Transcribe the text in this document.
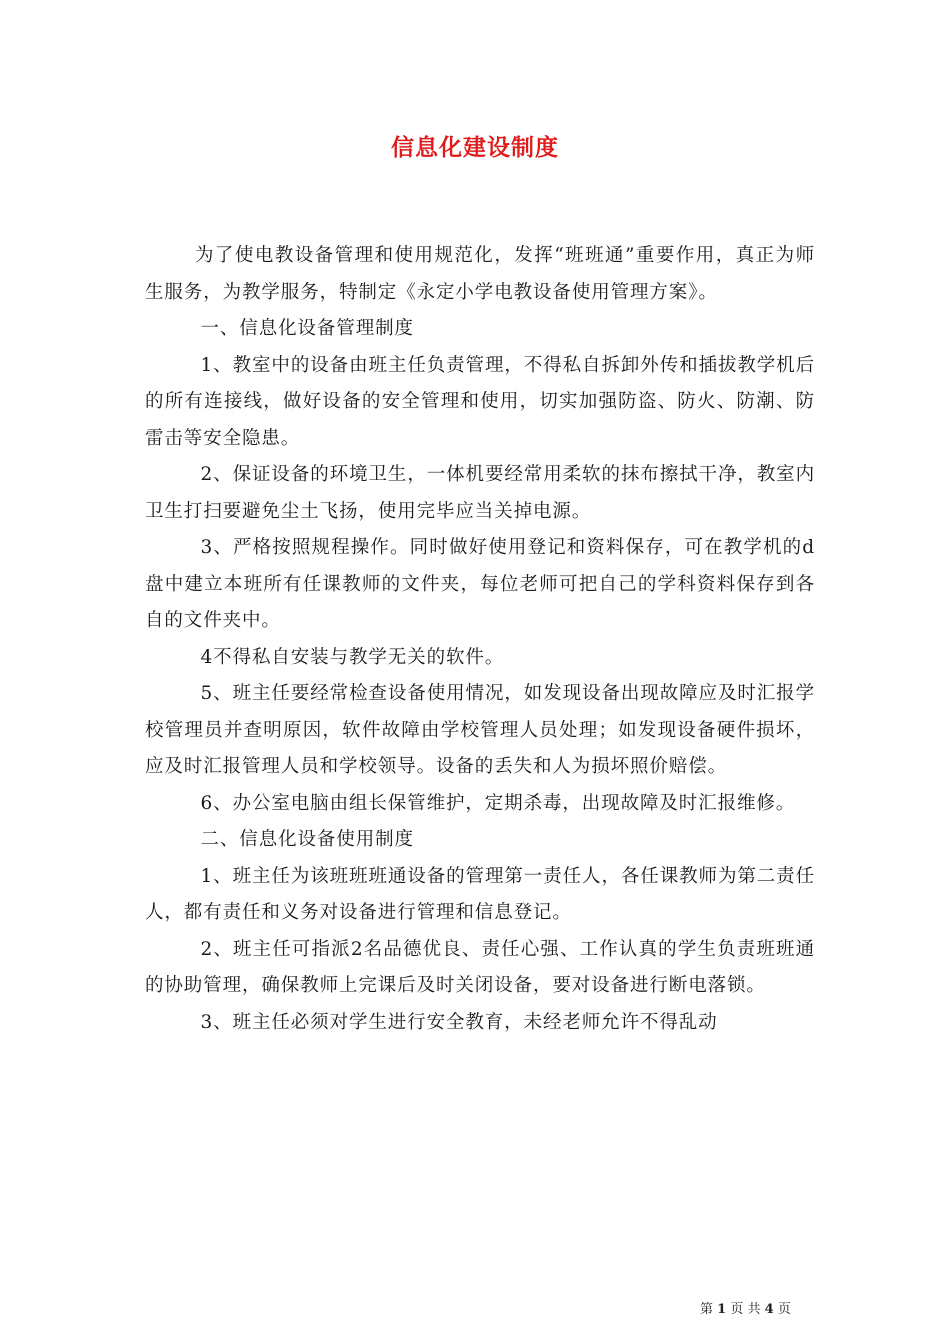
信息化建设制度

为了使电教设备管理和使用规范化，发挥“班班通”重要作用，真正为师生服务，为教学服务，特制定《永定小学电教设备使用管理方案》。

一、信息化设备管理制度

1、教室中的设备由班主任负责管理，不得私自拆卸外传和插拔教学机后的所有连接线，做好设备的安全管理和使用，切实加强防盗、防火、防潮、防雷击等安全隐患。

2、保证设备的环境卫生，一体机要经常用柔软的抹布擦拭干净，教室内卫生打扫要避免尘土飞扬，使用完毕应当关掉电源。

3、严格按照规程操作。同时做好使用登记和资料保存，可在教学机的d盘中建立本班所有任课教师的文件夹，每位老师可把自己的学科资料保存到各自的文件夹中。

4不得私自安装与教学无关的软件。

5、班主任要经常检查设备使用情况，如发现设备出现故障应及时汇报学校管理员并查明原因，软件故障由学校管理人员处理；如发现设备硬件损坏，应及时汇报管理人员和学校领导。设备的丢失和人为损坏照价赔偿。

6、办公室电脑由组长保管维护，定期杀毒，出现故障及时汇报维修。

二、信息化设备使用制度

1、班主任为该班班班通设备的管理第一责任人，各任课教师为第二责任人，都有责任和义务对设备进行管理和信息登记。

2、班主任可指派2名品德优良、责任心强、工作认真的学生负责班班通的协助管理，确保教师上完课后及时关闭设备，要对设备进行断电落锁。

3、班主任必须对学生进行安全教育，未经老师允许不得乱动

第 1 页 共 4 页
